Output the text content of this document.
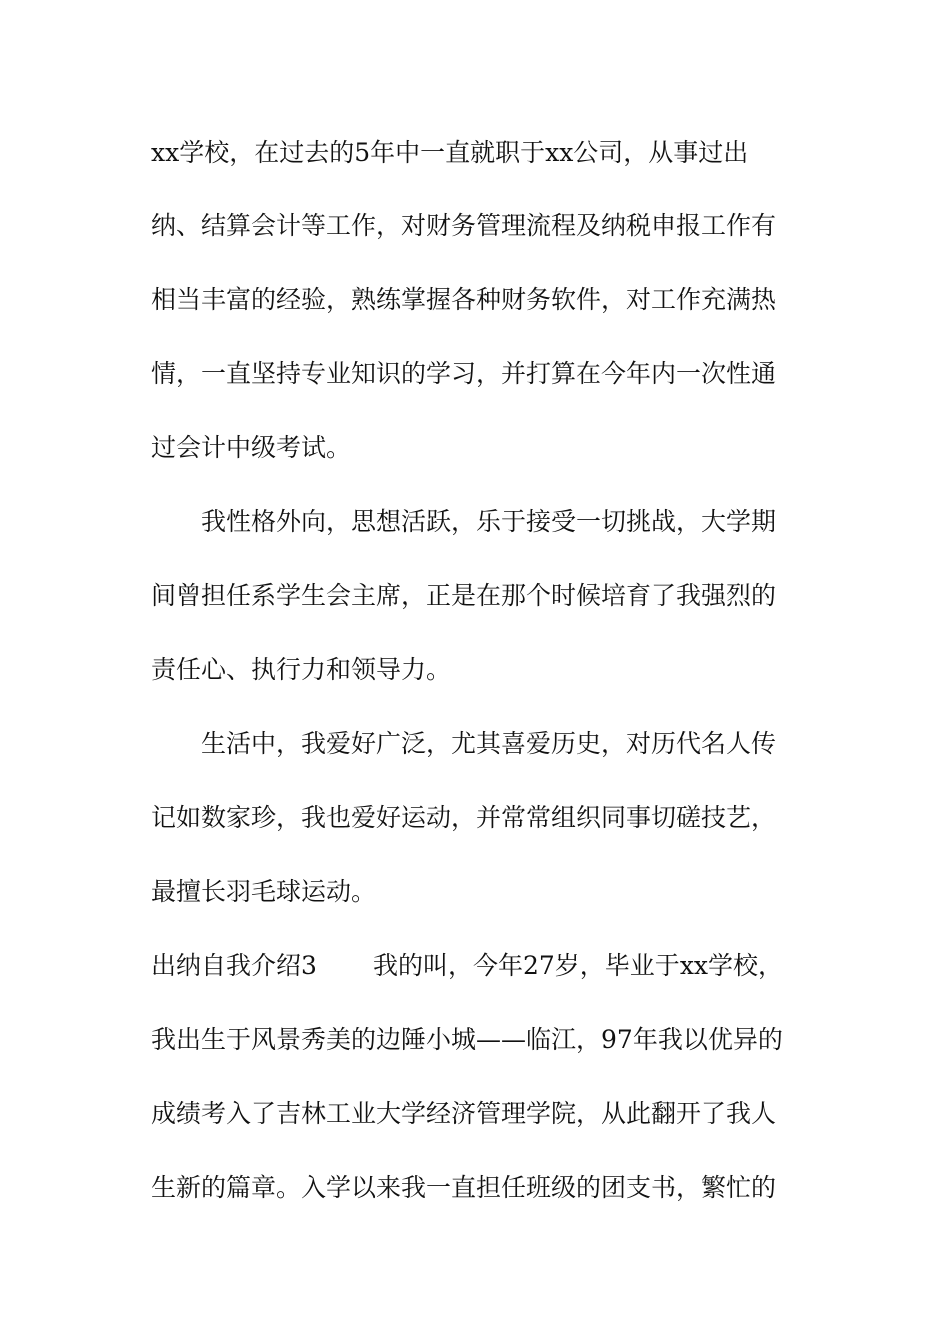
xx学校，在过去的5年中一直就职于xx公司，从事过出
纳、结算会计等工作，对财务管理流程及纳税申报工作有
相当丰富的经验，熟练掌握各种财务软件，对工作充满热
情，一直坚持专业知识的学习，并打算在今年内一次性通
过会计中级考试。
我性格外向，思想活跃，乐于接受一切挑战，大学期
间曾担任系学生会主席，正是在那个时候培育了我强烈的
责任心、执行力和领导力。
生活中，我爱好广泛，尤其喜爱历史，对历代名人传
记如数家珍，我也爱好运动，并常常组织同事切磋技艺，
最擅长羽毛球运动。
出纳自我介绍3 我的叫，今年27岁，毕业于xx学校，
我出生于风景秀美的边陲小城——临江，97年我以优异的
成绩考入了吉林工业大学经济管理学院，从此翻开了我人
生新的篇章。入学以来我一直担任班级的团支书，繁忙的
